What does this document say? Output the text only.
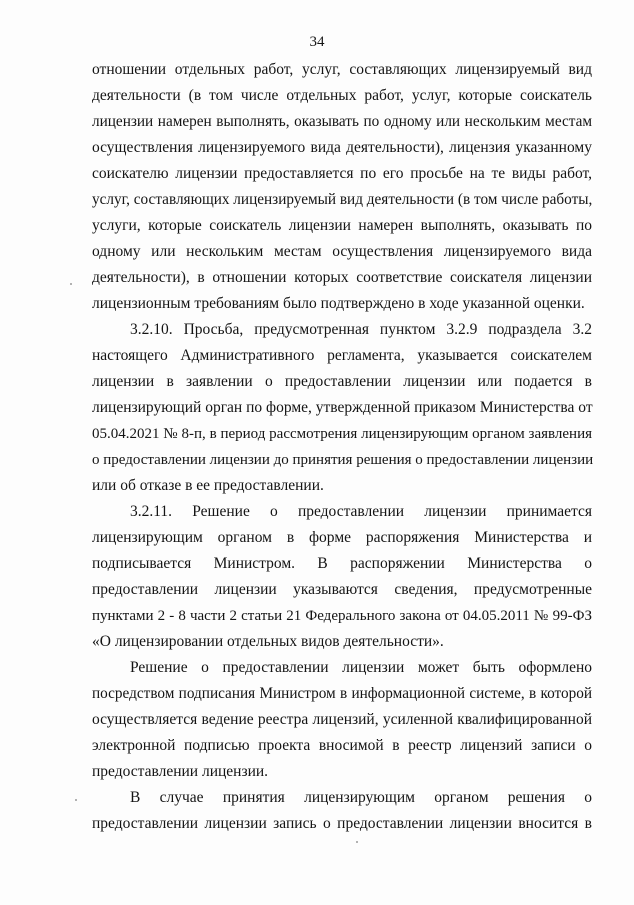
34
отношении отдельных работ, услуг, составляющих лицензируемый вид
деятельности (в том числе отдельных работ, услуг, которые соискатель
лицензии намерен выполнять, оказывать по одному или нескольким местам
осуществления лицензируемого вида деятельности), лицензия указанному
соискателю лицензии предоставляется по его просьбе на те виды работ,
услуг, составляющих лицензируемый вид деятельности (в том числе работы,
услуги, которые соискатель лицензии намерен выполнять, оказывать по
одному или нескольким местам осуществления лицензируемого вида
деятельности), в отношении которых соответствие соискателя лицензии
лицензионным требованиям было подтверждено в ходе указанной оценки.
3.2.10. Просьба, предусмотренная пунктом 3.2.9 подраздела 3.2
настоящего Административного регламента, указывается соискателем
лицензии в заявлении о предоставлении лицензии или подается в
лицензирующий орган по форме, утвержденной приказом Министерства от
05.04.2021 № 8-п, в период рассмотрения лицензирующим органом заявления
о предоставлении лицензии до принятия решения о предоставлении лицензии
или об отказе в ее предоставлении.
3.2.11. Решение о предоставлении лицензии принимается
лицензирующим органом в форме распоряжения Министерства и
подписывается Министром. В распоряжении Министерства о
предоставлении лицензии указываются сведения, предусмотренные
пунктами 2 - 8 части 2 статьи 21 Федерального закона от 04.05.2011 № 99-ФЗ
«О лицензировании отдельных видов деятельности».
Решение о предоставлении лицензии может быть оформлено
посредством подписания Министром в информационной системе, в которой
осуществляется ведение реестра лицензий, усиленной квалифицированной
электронной подписью проекта вносимой в реестр лицензий записи о
предоставлении лицензии.
В случае принятия лицензирующим органом решения о
предоставлении лицензии запись о предоставлении лицензии вносится в
